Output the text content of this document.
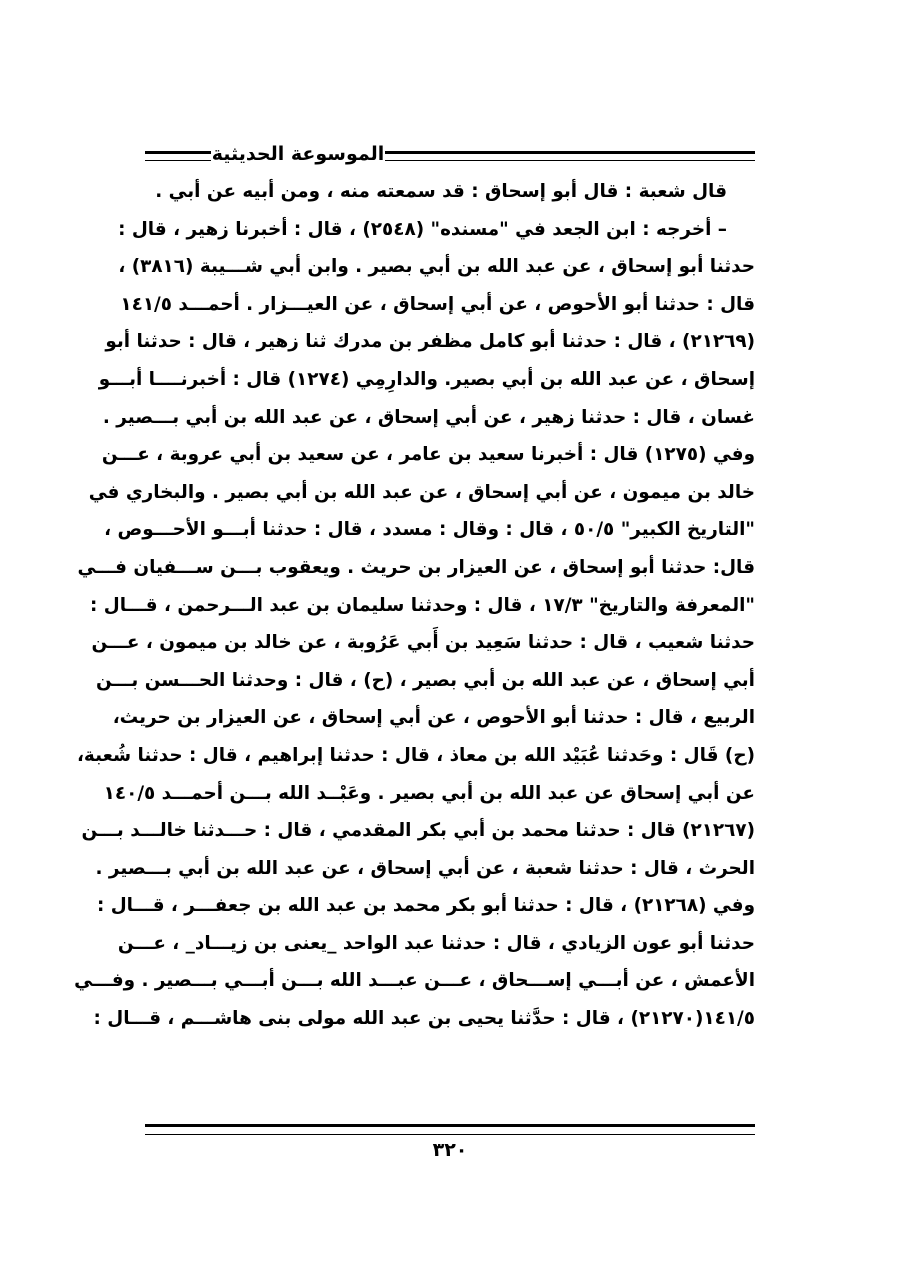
الموسوعة الحديثية
قال شعبة : قال أبو إسحاق : قد سمعته منه ، ومن أبيه عن أبي .
– أخرجه : ابن الجعد في "مسنده" (٢٥٤٨) ، قال : أخبرنا زهير ، قال :
حدثنا أبو إسحاق ، عن عبد الله بن أبي بصير . وابن أبي شـــيبة (٣٨١٦) ،
قال : حدثنا أبو الأحوص ، عن أبي إسحاق ، عن العيـــزار . أحمـــد ١٤١/٥
(٢١٢٦٩) ، قال : حدثنا أبو كامل مظفر بن مدرك ثنا زهير ، قال : حدثنا أبو
إسحاق ، عن عبد الله بن أبي بصير. والدارِمِي (١٢٧٤) قال : أخبرنــــا أبـــو
غسان ، قال : حدثنا زهير ، عن أبي إسحاق ، عن عبد الله بن أبي بـــصير .
وفي (١٢٧٥) قال : أخبرنا سعيد بن عامر ، عن سعيد بن أبي عروبة ، عـــن
خالد بن ميمون ، عن أبي إسحاق ، عن عبد الله بن أبي بصير . والبخاري في
"التاريخ الكبير" ٥٠/٥ ، قال : وقال : مسدد ، قال : حدثنا أبـــو الأحـــوص ،
قال: حدثنا أبو إسحاق ، عن العيزار بن حريث . ويعقوب بـــن ســـفيان فـــي
"المعرفة والتاريخ" ١٧/٣ ، قال : وحدثنا سليمان بن عبد الـــرحمن ، قـــال :
حدثنا شعيب ، قال : حدثنا سَعِيد بن أَبي عَرُوبة ، عن خالد بن ميمون ، عـــن
أبي إسحاق ، عن عبد الله بن أبي بصير ، (ح) ، قال : وحدثنا الحـــسن بـــن
الربيع ، قال : حدثنا أبو الأحوص ، عن أبي إسحاق ، عن العيزار بن حريث،
(ح) قَال : وحَدثنا عُبَيْد الله بن معاذ ، قال : حدثنا إبراهيم ، قال : حدثنا شُعبة،
عن أبي إسحاق عن عبد الله بن أبي بصير . وعَبْــد الله بـــن أحمـــد ١٤٠/٥
(٢١٢٦٧) قال : حدثنا محمد بن أبي بكر المقدمي ، قال : حـــدثنا خالـــد بـــن
الحرث ، قال : حدثنا شعبة ، عن أبي إسحاق ، عن عبد الله بن أبي بـــصير .
وفي (٢١٢٦٨) ، قال : حدثنا أبو بكر محمد بن عبد الله بن جعفـــر ، قـــال :
حدثنا أبو عون الزيادي ، قال : حدثنا عبد الواحد _يعنى بن زيـــاد_ ، عـــن
الأعمش ، عن أبـــي إســـحاق ، عـــن عبـــد الله بـــن أبـــي بـــصير . وفـــي
١٤١/٥(٢١٢٧٠) ، قال : حدَّثنا يحيى بن عبد الله مولى بنى هاشـــم ، قـــال :
٣٢٠
